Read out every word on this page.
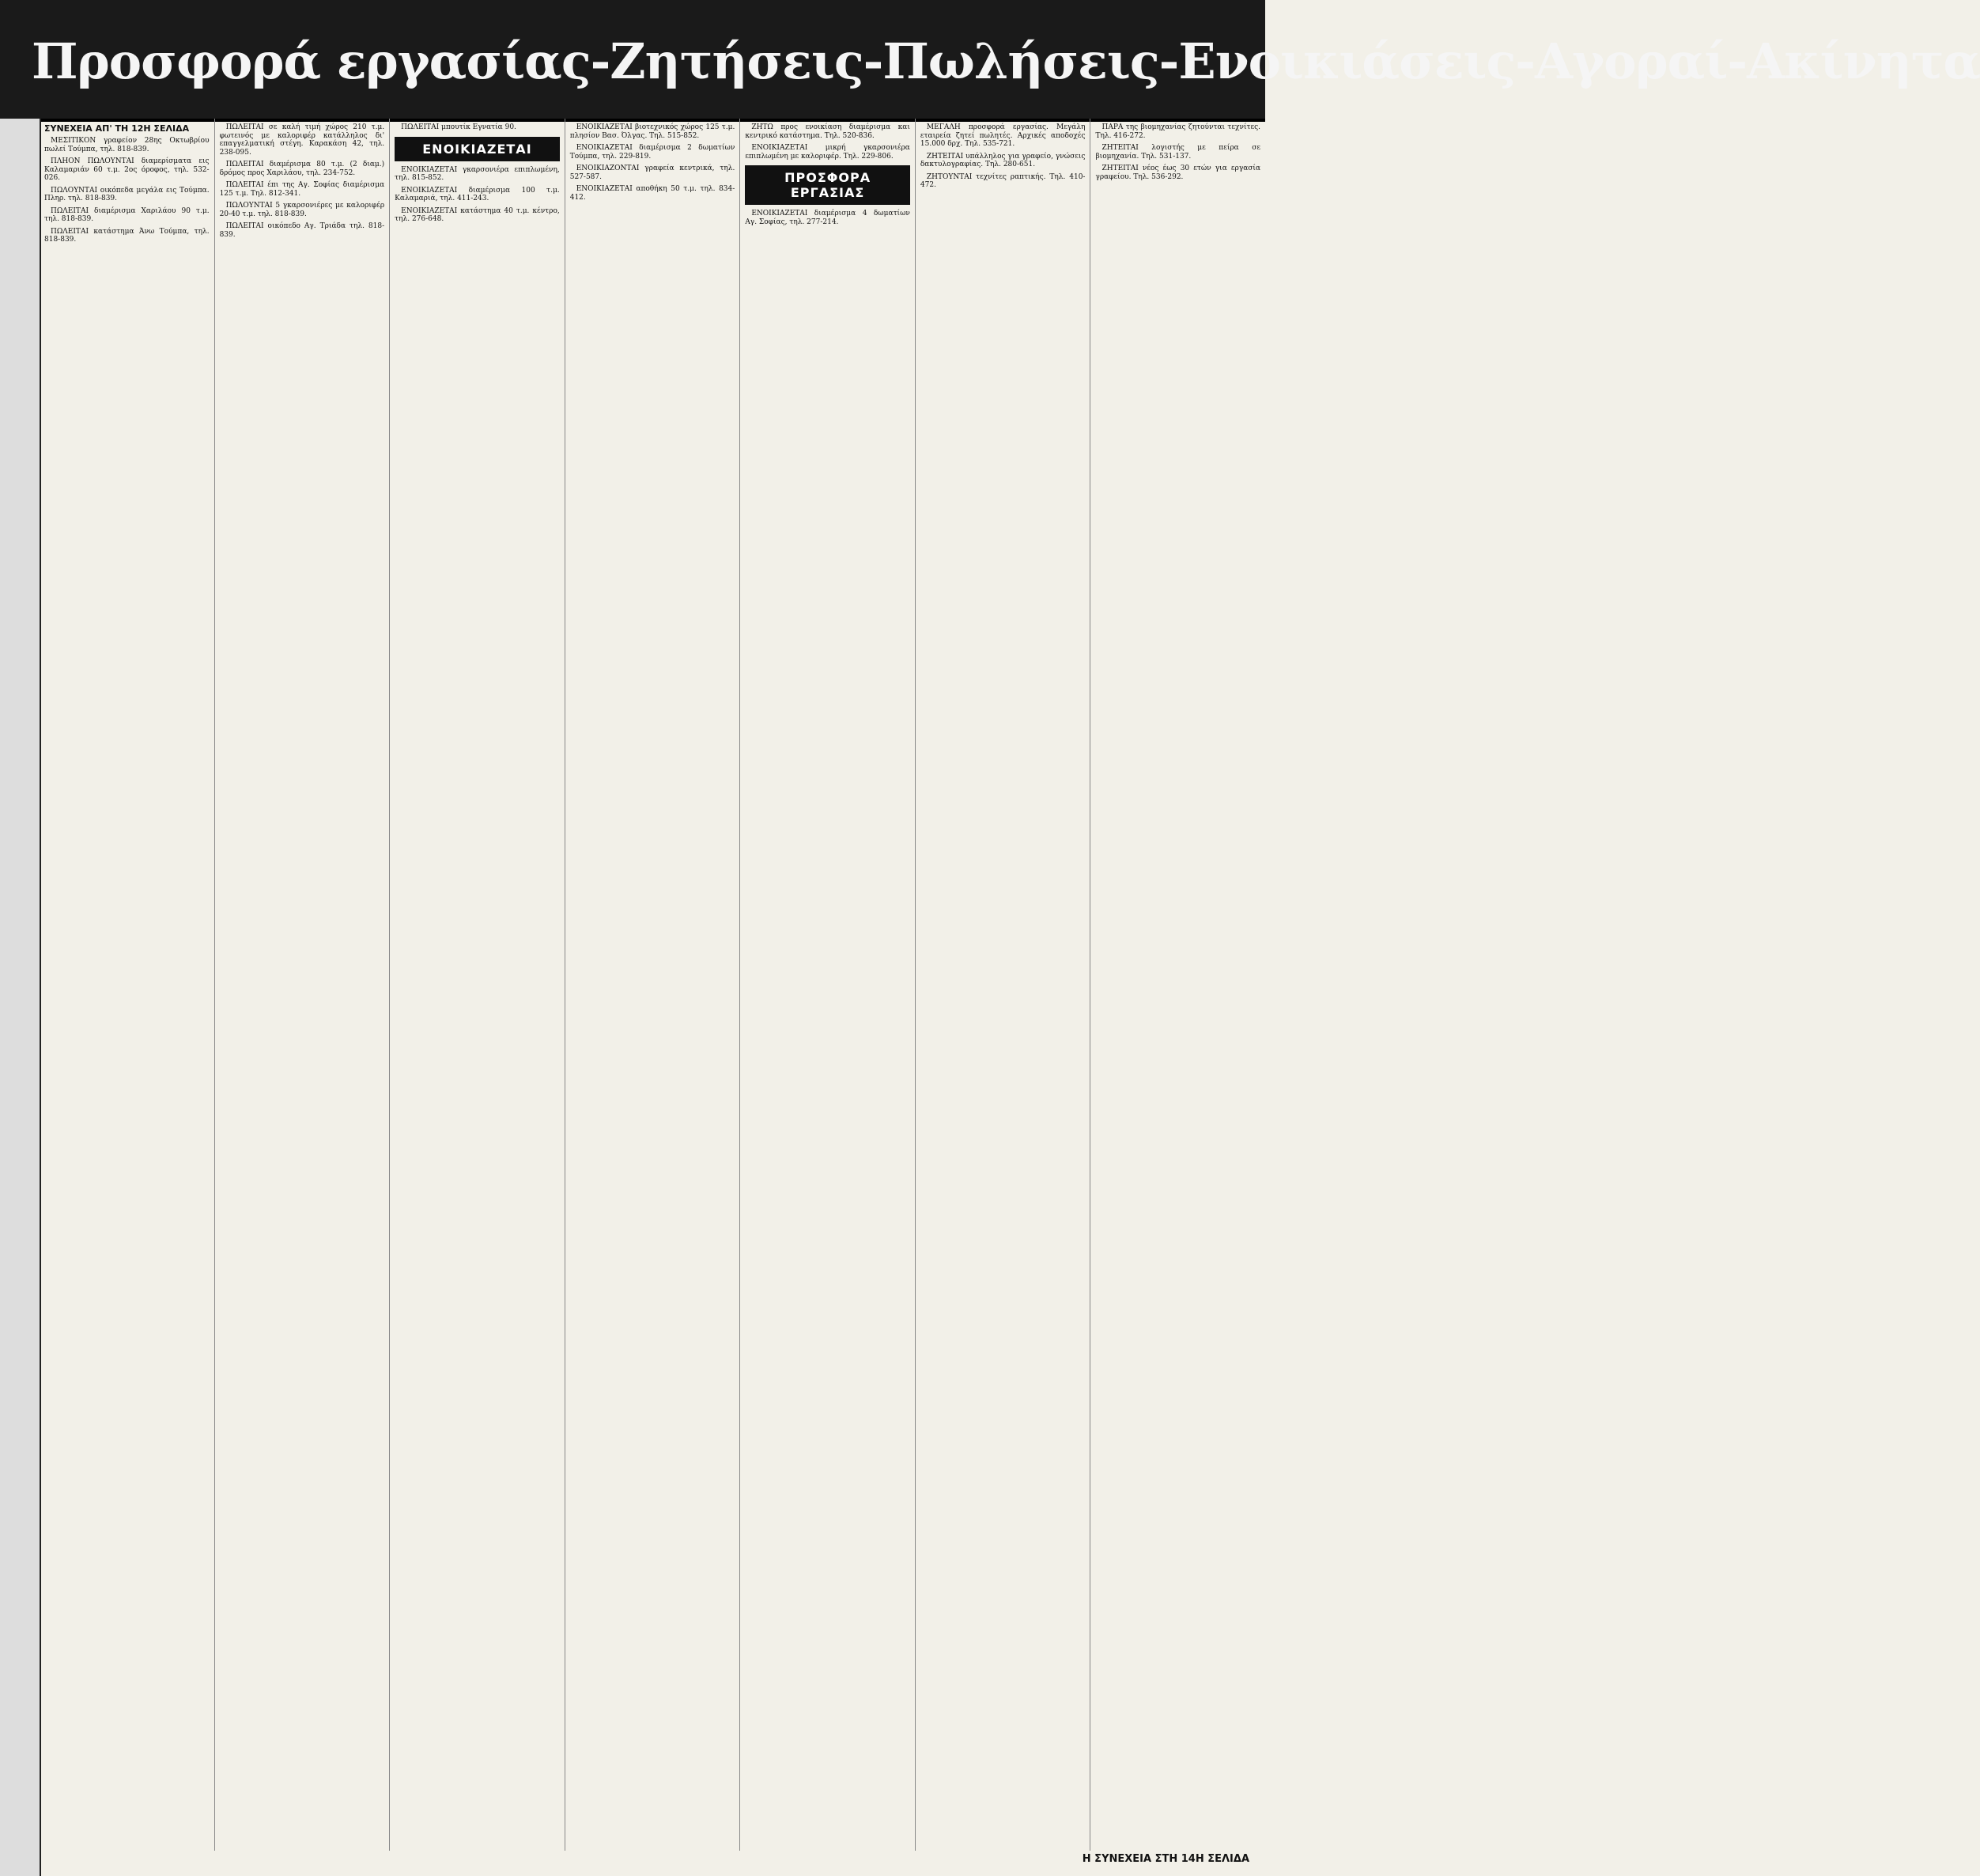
Προσφορά εργασίας-Ζητήσεις-Πωλήσεις-Ενοικιάσεις-Αγοραί-Ακίνητα
ΣΥΝΕΧΕΙΑ ΑΠ' ΤΗ 12Η ΣΕΛΙΔΑ

ΜΕΣΙΤΙΚΟΝ γραφείον 28ης Οκτωβρίου πωλεί Τούμπα, τηλ. 818-839.

ΠΛΗΟΝ ΠΩΛΟΥΝΤΑΙ διαμερίσματα εις Καλαμαριάν 60 τ.μ. 2ος όροφος, τηλ. 532-026.

ΠΩΛΟΥΝΤΑΙ οικόπεδα μεγάλα εις Τούμπα. Πληρ. τηλ. 818-839.

ΠΩΛΕΙΤΑΙ διαμέρισμα Χαριλάου 90 τ.μ. τηλ. 818-839.

ΠΩΛΕΙΤΑΙ κατάστημα Άνω Τούμπα, τηλ. 818-839.

ΠΩΛΕΙΤΑΙ σε καλή τιμή χώρος 210 τ.μ. φωτεινός με καλοριφέρ κατάλληλος δι' επαγγελματική στέγη. Καρακάση 42, τηλ. 238-095.

ΠΩΛΕΙΤΑΙ διαμέρισμα 80 τ.μ. (2 διαμ.) δρόμος προς Χαριλάου, τηλ. 234-752.

ΠΩΛΕΙΤΑΙ έπι της Αγ. Σοφίας διαμέρισμα 125 τ.μ. Τηλ. 812-341.

ΠΩΛΟΥΝΤΑΙ 5 γκαρσονιέρες με καλοριφέρ 20-40 τ.μ. τηλ. 818-839.

ΠΩΛΕΙΤΑΙ οικόπεδο Αγ. Τριάδα τηλ. 818-839.

ΠΩΛΕΙΤΑΙ μπουτίκ Εγνατία 90.

ΕΝΟΙΚΙΑΖΕΤΑΙ

ΕΝΟΙΚΙΑΖΕΤΑΙ γκαρσονιέρα επιπλωμένη, τηλ. 815-852.

ΕΝΟΙΚΙΑΖΕΤΑΙ διαμέρισμα 100 τ.μ. Καλαμαριά, τηλ. 411-243.

ΕΝΟΙΚΙΑΖΕΤΑΙ κατάστημα 40 τ.μ. κέντρο, τηλ. 276-648.

ΕΝΟΙΚΙΑΖΕΤΑΙ βιοτεχνικός χώρος 125 τ.μ. πλησίον Βασ. Όλγας. Τηλ. 515-852.

ΕΝΟΙΚΙΑΖΕΤΑΙ διαμέρισμα 2 δωματίων Τούμπα, τηλ. 229-819.

ΕΝΟΙΚΙΑΖΟΝΤΑΙ γραφεία κεντρικά, τηλ. 527-587.

ΕΝΟΙΚΙΑΖΕΤΑΙ αποθήκη 50 τ.μ. τηλ. 834-412.

ΖΗΤΩ προς ενοικίαση διαμέρισμα και κεντρικό κατάστημα. Τηλ. 520-836.

ΕΝΟΙΚΙΑΖΕΤΑΙ μικρή γκαρσονιέρα επιπλωμένη με καλοριφέρ. Τηλ. 229-806.

ΠΡΟΣΦΟΡΑ ΕΡΓΑΣΙΑΣ

ΕΝΟΙΚΙΑΖΕΤΑΙ διαμέρισμα 4 δωματίων Αγ. Σοφίας, τηλ. 277-214.

ΜΕΓΑΛΗ προσφορά εργασίας. Μεγάλη εταιρεία ζητεί πωλητές. Αρχικές αποδοχές 15.000 δρχ. Τηλ. 535-721.

ΖΗΤΕΙΤΑΙ υπάλληλος για γραφείο, γνώσεις δακτυλογραφίας. Τηλ. 280-651.

ΖΗΤΟΥΝΤΑΙ τεχνίτες ραπτικής. Τηλ. 410-472.

ΠΑΡΑ της βιομηχανίας ζητούνται τεχνίτες. Τηλ. 416-272.

ΖΗΤΕΙΤΑΙ λογιστής με πείρα σε βιομηχανία. Τηλ. 531-137.

ΖΗΤΕΙΤΑΙ νέος έως 30 ετών για εργασία γραφείου. Τηλ. 536-292.

Η ΣΥΝΕΧΕΙΑ ΣΤΗ 14Η ΣΕΛΙΔΑ
